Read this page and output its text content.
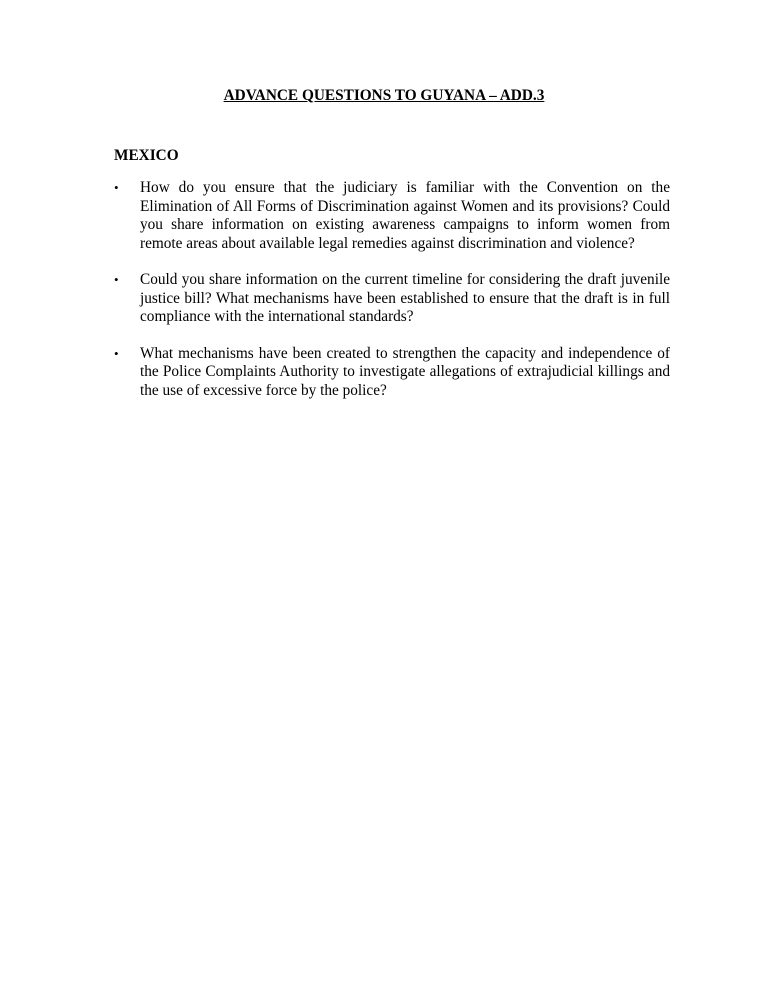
ADVANCE QUESTIONS TO GUYANA – ADD.3
MEXICO
•	How do you ensure that the judiciary is familiar with the Convention on the Elimination of All Forms of Discrimination against Women and its provisions? Could you share information on existing awareness campaigns to inform women from remote areas about available legal remedies against discrimination and violence?
•	Could you share information on the current timeline for considering the draft juvenile justice bill? What mechanisms have been established to ensure that the draft is in full compliance with the international standards?
•	What mechanisms have been created to strengthen the capacity and independence of the Police Complaints Authority to investigate allegations of extrajudicial killings and the use of excessive force by the police?
